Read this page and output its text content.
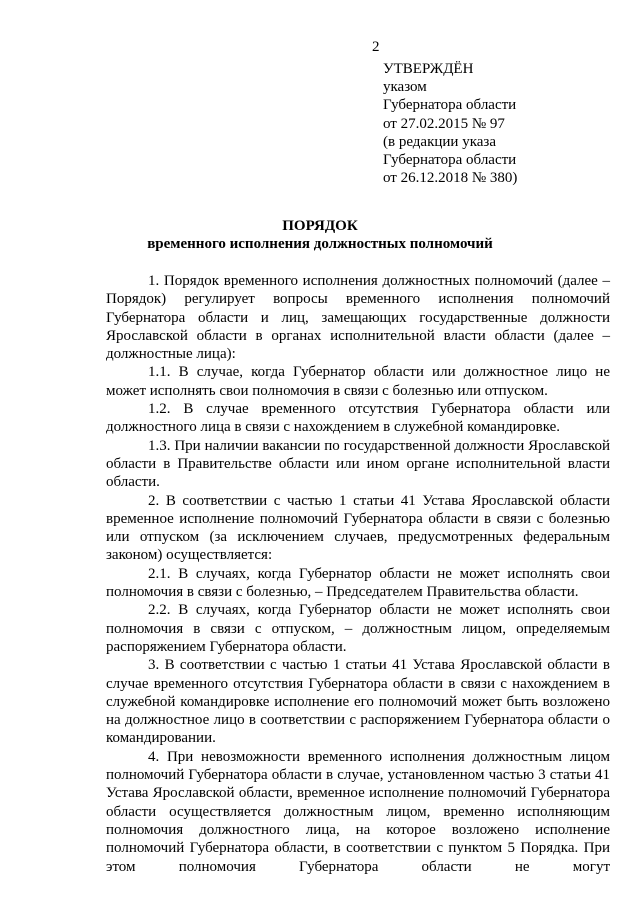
2
УТВЕРЖДЁН
указом
Губернатора области
от 27.02.2015 № 97
(в редакции указа
Губернатора области
от 26.12.2018 № 380)
ПОРЯДОК
временного исполнения должностных полномочий

1. Порядок временного исполнения должностных полномочий (далее – Порядок) регулирует вопросы временного исполнения полномочий Губернатора области и лиц, замещающих государственные должности Ярославской области в органах исполнительной власти области (далее – должностные лица):

1.1. В случае, когда Губернатор области или должностное лицо не может исполнять свои полномочия в связи с болезнью или отпуском.

1.2. В случае временного отсутствия Губернатора области или должностного лица в связи с нахождением в служебной командировке.

1.3. При наличии вакансии по государственной должности Ярославской области в Правительстве области или ином органе исполнительной власти области.

2. В соответствии с частью 1 статьи 41 Устава Ярославской области временное исполнение полномочий Губернатора области в связи с болезнью или отпуском (за исключением случаев, предусмотренных федеральным законом) осуществляется:

2.1. В случаях, когда Губернатор области не может исполнять свои полномочия в связи с болезнью, – Председателем Правительства области.

2.2. В случаях, когда Губернатор области не может исполнять свои полномочия в связи с отпуском, – должностным лицом, определяемым распоряжением Губернатора области.

3. В соответствии с частью 1 статьи 41 Устава Ярославской области в случае временного отсутствия Губернатора области в связи с нахождением в служебной командировке исполнение его полномочий может быть возложено на должностное лицо в соответствии с распоряжением Губернатора области о командировании.

4. При невозможности временного исполнения должностным лицом полномочий Губернатора области в случае, установленном частью 3 статьи 41 Устава Ярославской области, временное исполнение полномочий Губернатора области осуществляется должностным лицом, временно исполняющим полномочия должностного лица, на которое возложено исполнение полномочий Губернатора области, в соответствии с пунктом 5 Порядка. При этом полномочия Губернатора области не могут
